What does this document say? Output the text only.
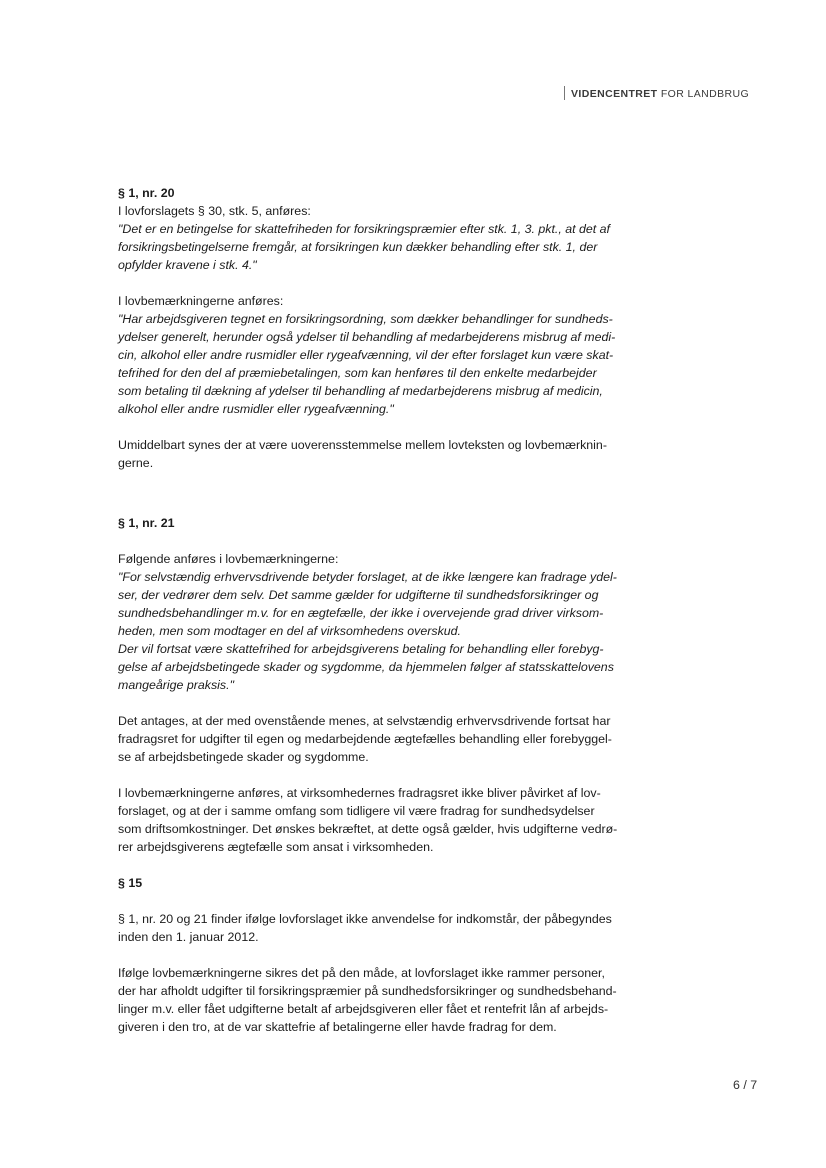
VIDENCENTRET FOR LANDBRUG

§ 1, nr. 20

I lovforslagets § 30, stk. 5, anføres:

"Det er en betingelse for skattefriheden for forsikringspræmier efter stk. 1, 3. pkt., at det af
forsikringsbetingelserne fremgår, at forsikringen kun dækker behandling efter stk. 1, der
opfylder kravene i stk. 4."

I lovbemærkningerne anføres:

"Har arbejdsgiveren tegnet en forsikringsordning, som dækker behandlinger for sundheds-
ydelser generelt, herunder også ydelser til behandling af medarbejderens misbrug af medi-
cin, alkohol eller andre rusmidler eller rygeafvænning, vil der efter forslaget kun være skat-
tefrihed for den del af præmiebetalingen, som kan henføres til den enkelte medarbejder
som betaling til dækning af ydelser til behandling af medarbejderens misbrug af medicin,
alkohol eller andre rusmidler eller rygeafvænning."

Umiddelbart synes der at være uoverensstemmelse mellem lovteksten og lovbemærknin-
gerne.

§ 1, nr. 21

Følgende anføres i lovbemærkningerne:

"For selvstændig erhvervsdrivende betyder forslaget, at de ikke længere kan fradrage ydel-
ser, der vedrører dem selv. Det samme gælder for udgifterne til sundhedsforsikringer og
sundhedsbehandlinger m.v. for en ægtefælle, der ikke i overvejende grad driver virksom-
heden, men som modtager en del af virksomhedens overskud.
Der vil fortsat være skattefrihed for arbejdsgiverens betaling for behandling eller forebyg-
gelse af arbejdsbetingede skader og sygdomme, da hjemmelen følger af statsskattelovens
mangeårige praksis."

Det antages, at der med ovenstående menes, at selvstændig erhvervsdrivende fortsat har
fradragsret for udgifter til egen og medarbejdende ægtefælles behandling eller forebyggel-
se af arbejdsbetingede skader og sygdomme.

I lovbemærkningerne anføres, at virksomhedernes fradragsret ikke bliver påvirket af lov-
forslaget, og at der i samme omfang som tidligere vil være fradrag for sundhedsydelser
som driftsomkostninger. Det ønskes bekræftet, at dette også gælder, hvis udgifterne vedrø-
rer arbejdsgiverens ægtefælle som ansat i virksomheden.

§ 15

§ 1, nr. 20 og 21 finder ifølge lovforslaget ikke anvendelse for indkomstår, der påbegyndes
inden den 1. januar 2012.

Ifølge lovbemærkningerne sikres det på den måde, at lovforslaget ikke rammer personer,
der har afholdt udgifter til forsikringspræmier på sundhedsforsikringer og sundhedsbehand-
linger m.v. eller fået udgifterne betalt af arbejdsgiveren eller fået et rentefrit lån af arbejds-
giveren i den tro, at de var skattefrie af betalingerne eller havde fradrag for dem.

6 / 7
